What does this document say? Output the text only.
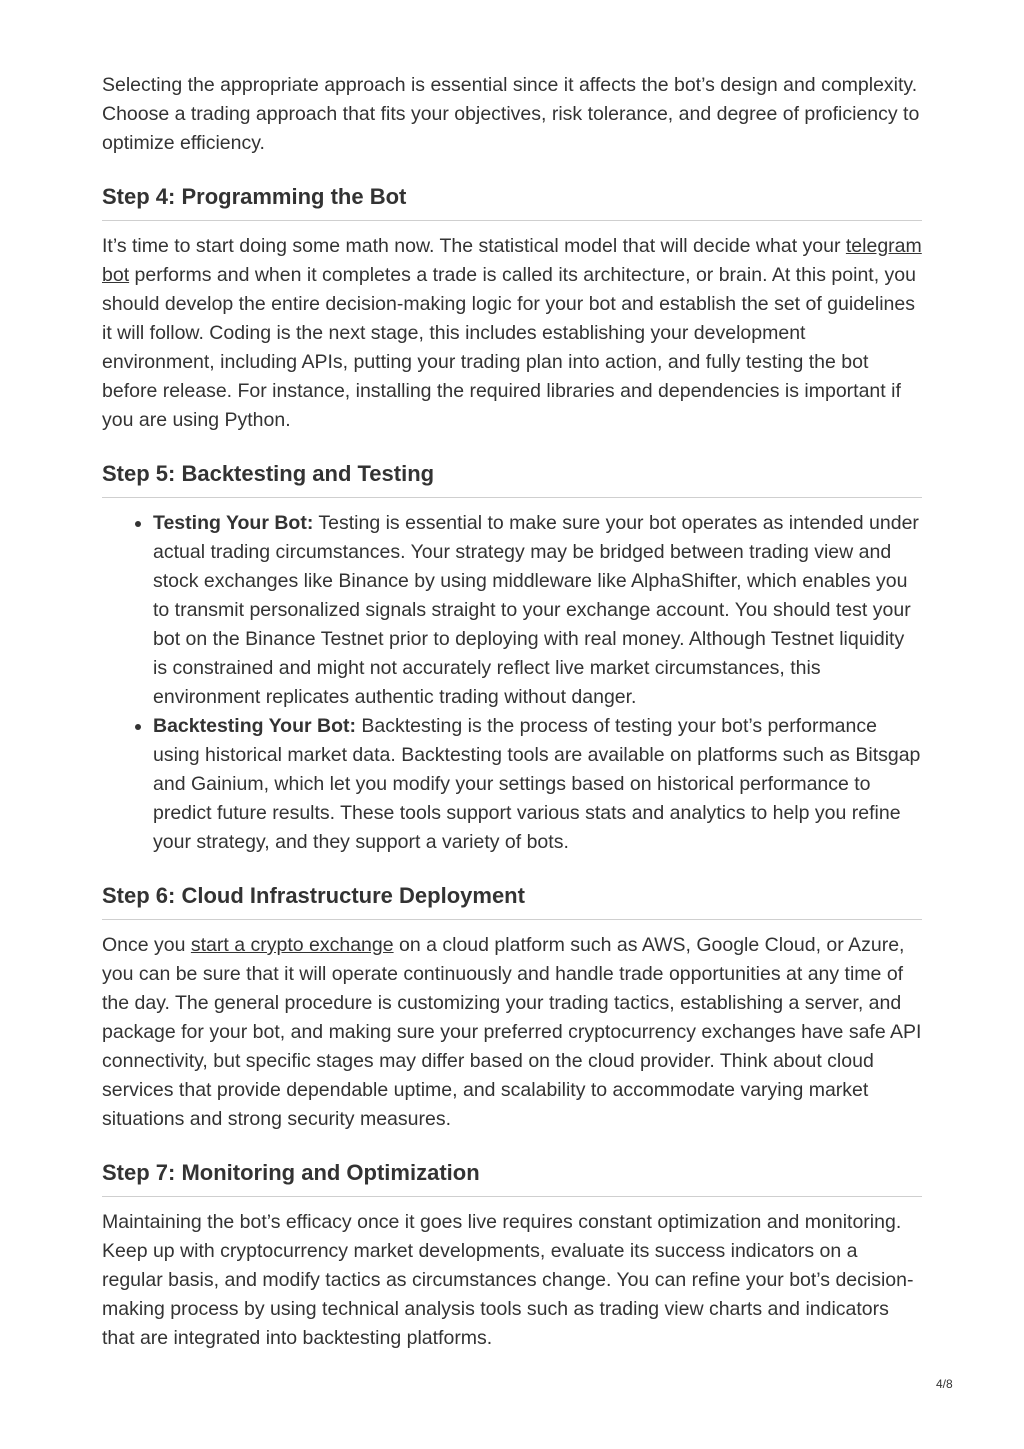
Selecting the appropriate approach is essential since it affects the bot’s design and complexity. Choose a trading approach that fits your objectives, risk tolerance, and degree of proficiency to optimize efficiency.

Step 4: Programming the Bot

It’s time to start doing some math now. The statistical model that will decide what your telegram bot performs and when it completes a trade is called its architecture, or brain. At this point, you should develop the entire decision-making logic for your bot and establish the set of guidelines it will follow. Coding is the next stage, this includes establishing your development environment, including APIs, putting your trading plan into action, and fully testing the bot before release. For instance, installing the required libraries and dependencies is important if you are using Python.

Step 5: Backtesting and Testing
• Testing Your Bot: Testing is essential to make sure your bot operates as intended under actual trading circumstances. Your strategy may be bridged between trading view and stock exchanges like Binance by using middleware like AlphaShifter, which enables you to transmit personalized signals straight to your exchange account. You should test your bot on the Binance Testnet prior to deploying with real money. Although Testnet liquidity is constrained and might not accurately reflect live market circumstances, this environment replicates authentic trading without danger.
• Backtesting Your Bot: Backtesting is the process of testing your bot’s performance using historical market data. Backtesting tools are available on platforms such as Bitsgap and Gainium, which let you modify your settings based on historical performance to predict future results. These tools support various stats and analytics to help you refine your strategy, and they support a variety of bots.
Step 6: Cloud Infrastructure Deployment

Once you start a crypto exchange on a cloud platform such as AWS, Google Cloud, or Azure, you can be sure that it will operate continuously and handle trade opportunities at any time of the day. The general procedure is customizing your trading tactics, establishing a server, and package for your bot, and making sure your preferred cryptocurrency exchanges have safe API connectivity, but specific stages may differ based on the cloud provider. Think about cloud services that provide dependable uptime, and scalability to accommodate varying market situations and strong security measures.

Step 7: Monitoring and Optimization

Maintaining the bot’s efficacy once it goes live requires constant optimization and monitoring. Keep up with cryptocurrency market developments, evaluate its success indicators on a regular basis, and modify tactics as circumstances change. You can refine your bot’s decision-making process by using technical analysis tools such as trading view charts and indicators that are integrated into backtesting platforms.

4/8
